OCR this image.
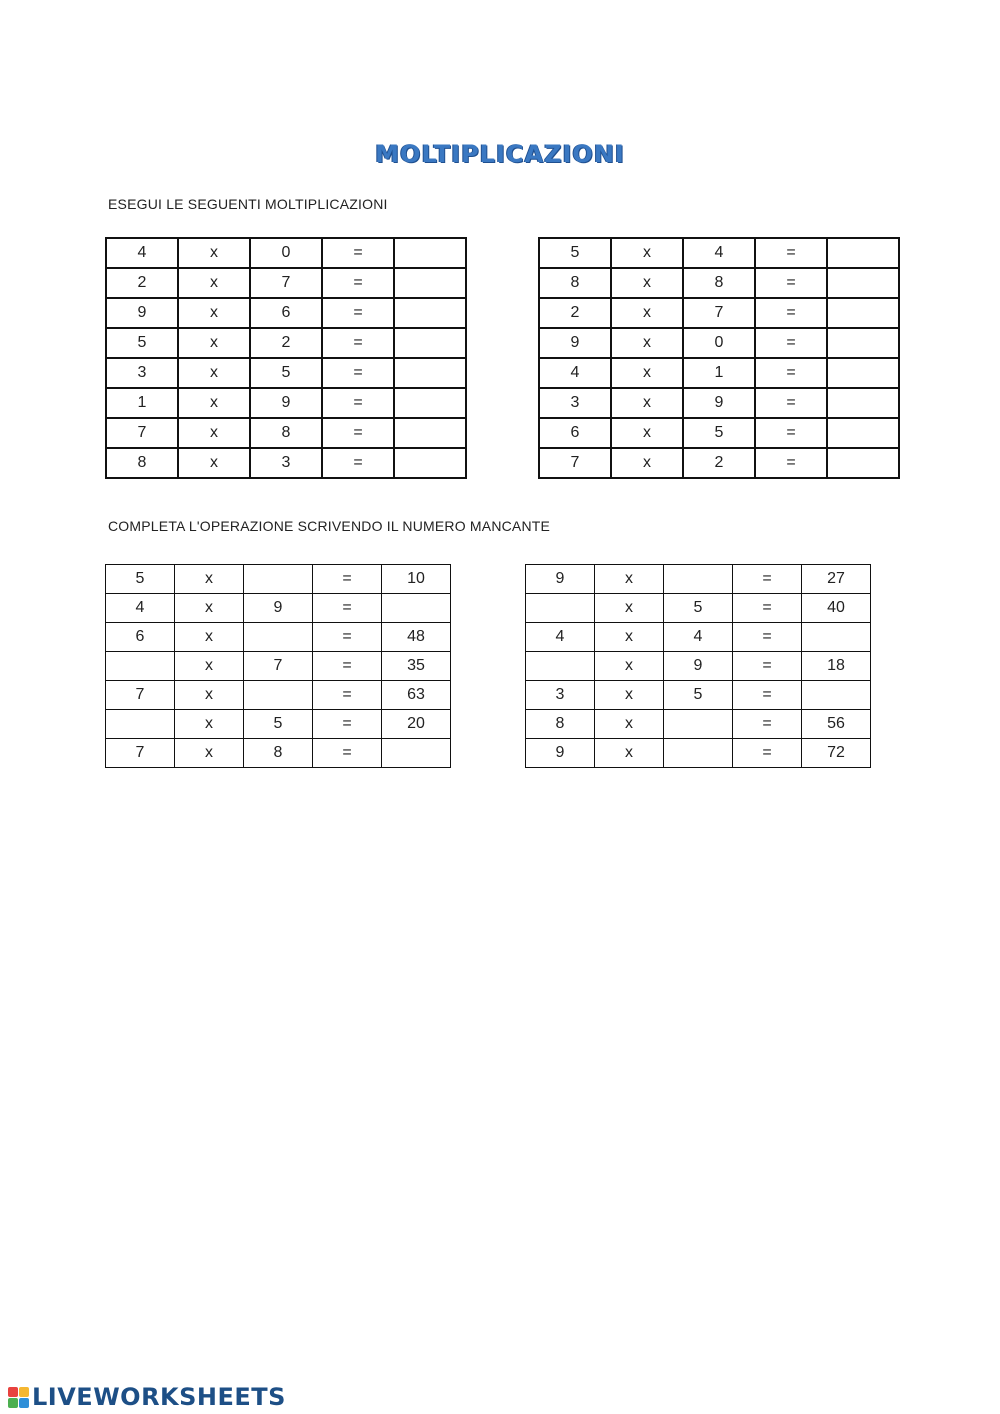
MOLTIPLICAZIONI
ESEGUI LE SEGUENTI MOLTIPLICAZIONI
4	x	0	=	
2	x	7	=	
9	x	6	=	
5	x	2	=	
3	x	5	=	
1	x	9	=	
7	x	8	=	
8	x	3	=	
5	x	4	=	
8	x	8	=	
2	x	7	=	
9	x	0	=	
4	x	1	=	
3	x	9	=	
6	x	5	=	
7	x	2	=	
COMPLETA L'OPERAZIONE SCRIVENDO IL NUMERO MANCANTE
5	x		=	10
4	x	9	=	
6	x		=	48
	x	7	=	35
7	x		=	63
	x	5	=	20
7	x	8	=	
9	x		=	27
	x	5	=	40
4	x	4	=	
	x	9	=	18
3	x	5	=	
8	x		=	56
9	x		=	72
LIVEWORKSHEETS
